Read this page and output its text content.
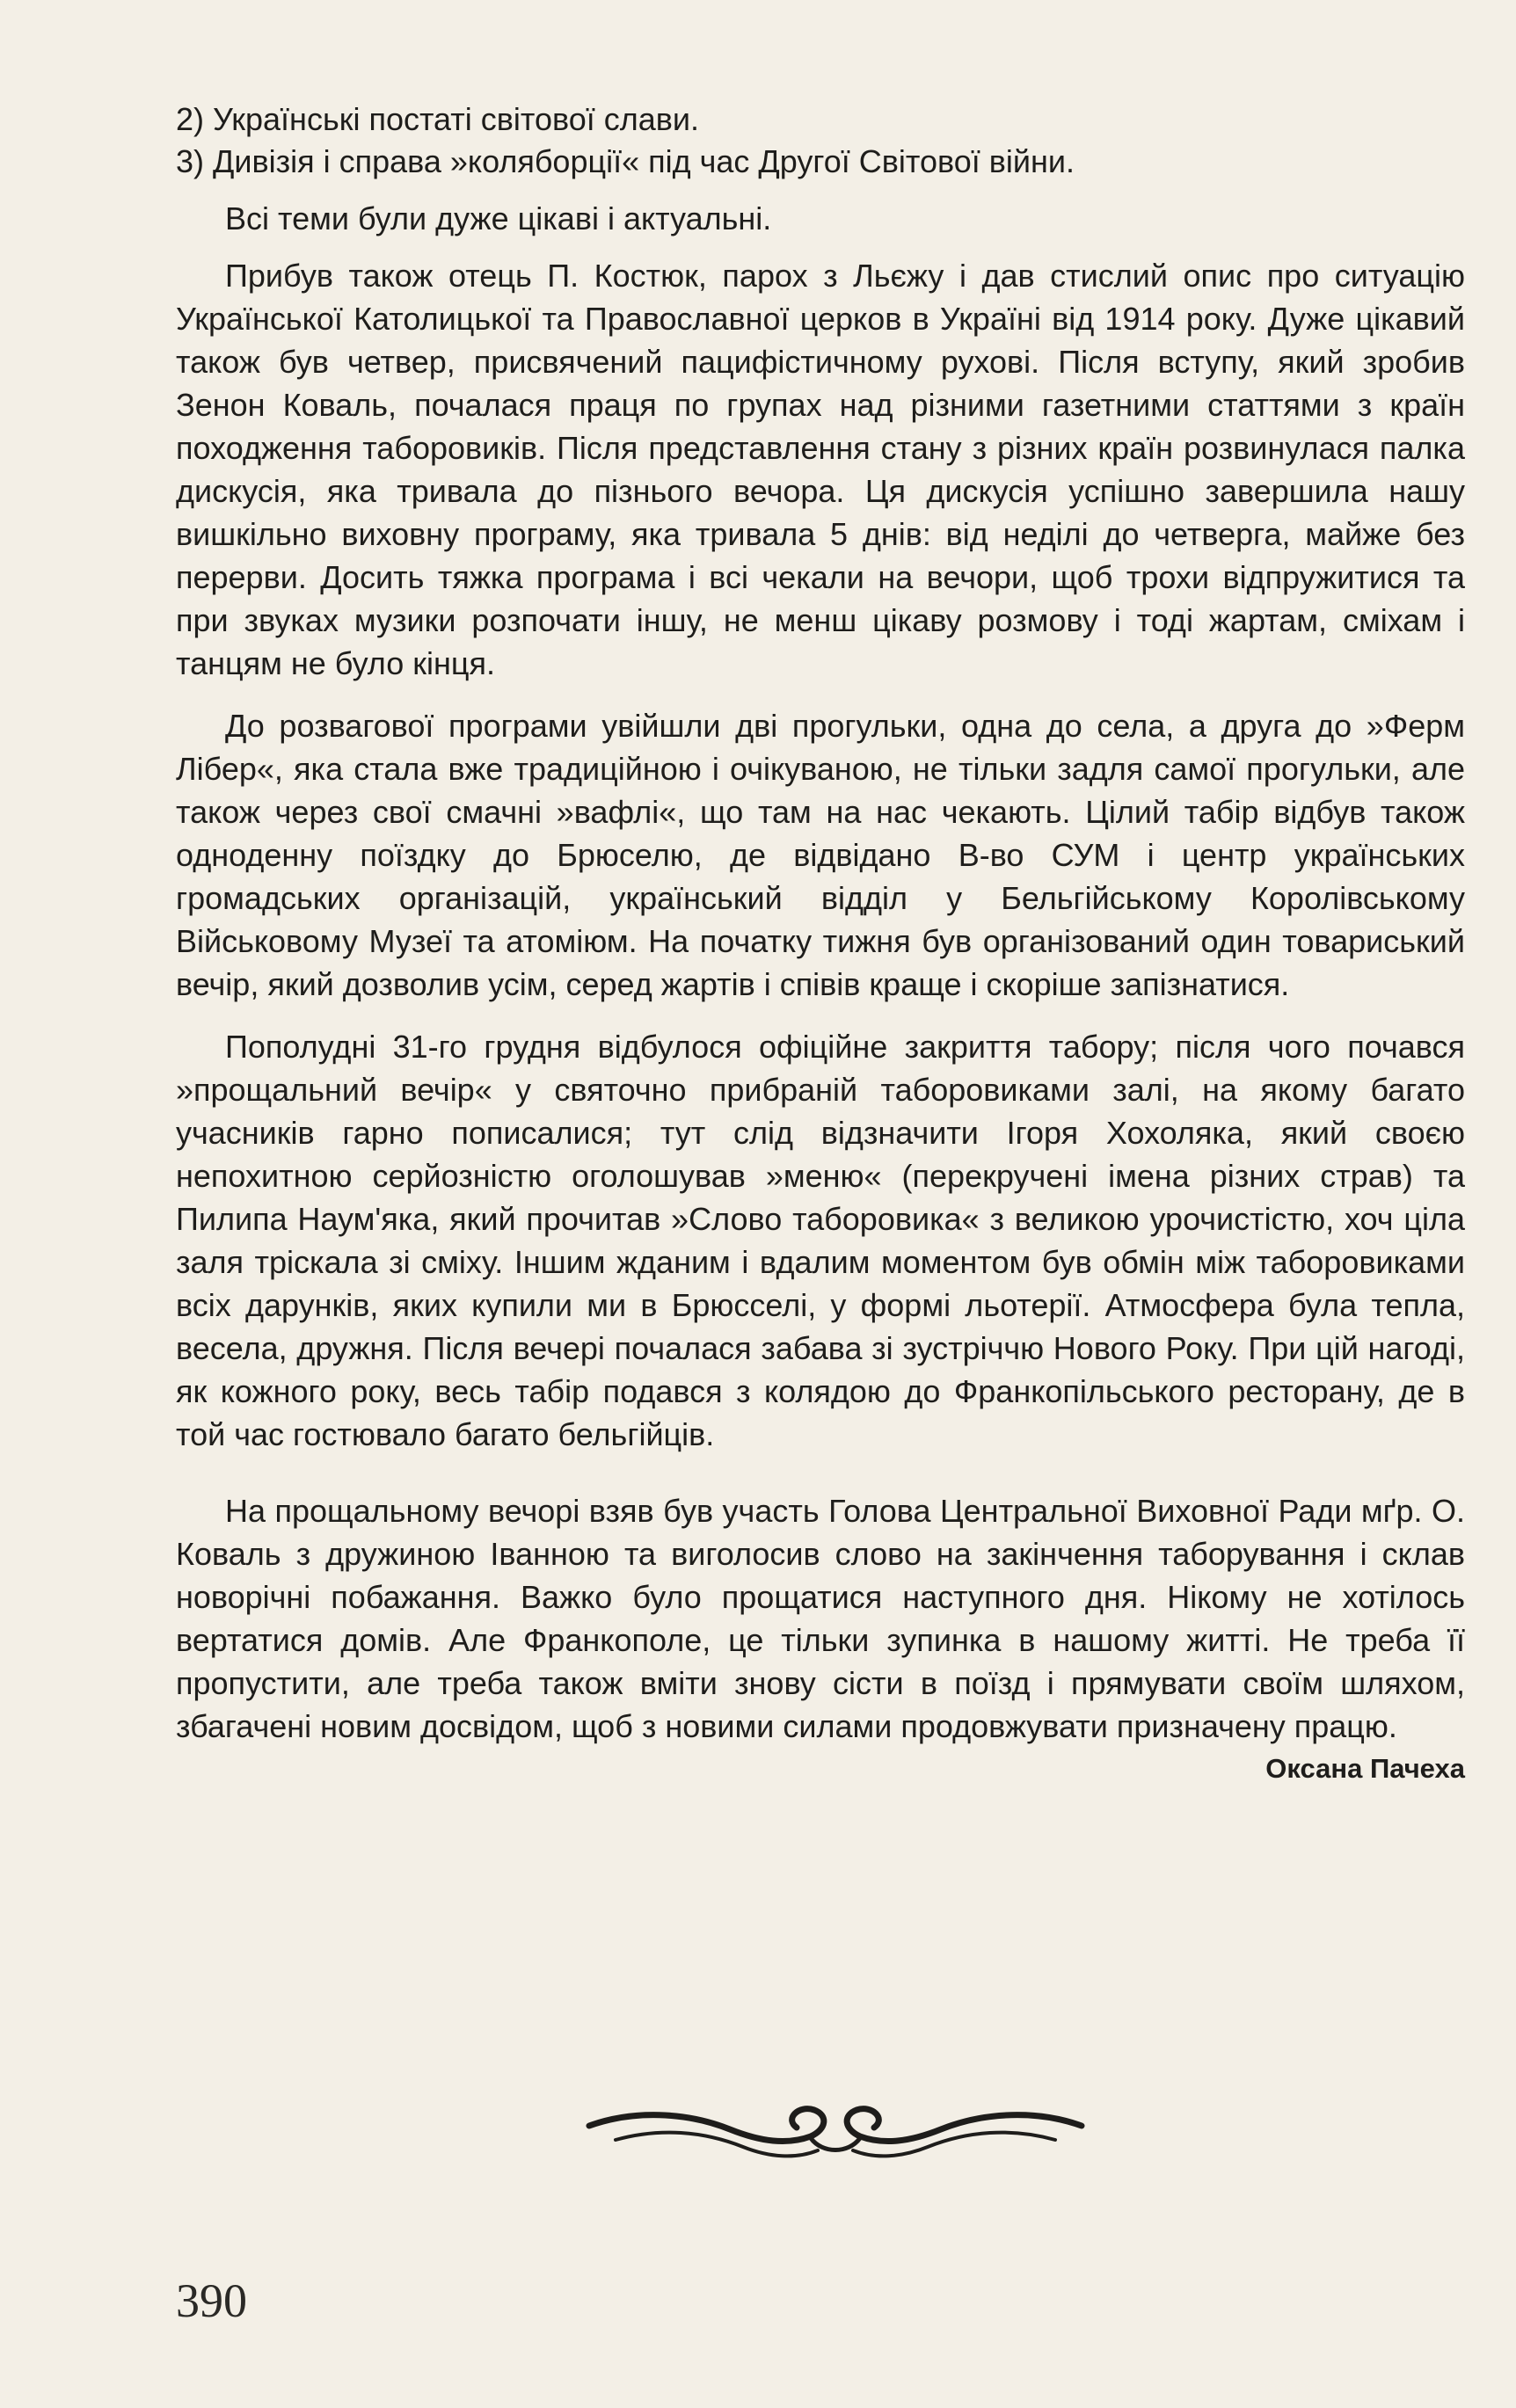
2) Українські постаті світової слави.
3) Дивізія і справа »коляборції« під час Другої Світової війни.

Всі теми були дуже цікаві і актуальні.

Прибув також отець П. Костюк, парох з Льєжу і дав стислий опис про ситуацію Української Католицької та Православної церков в Україні від 1914 року. Дуже цікавий також був четвер, присвячений пацифістичному рухові. Після вступу, який зробив Зенон Коваль, почалася праця по групах над різними газетними статтями з країн походження таборовиків. Після представлення стану з різних країн розвинулася палка дискусія, яка тривала до пізнього вечора. Ця дискусія успішно завершила нашу вишкільно виховну програму, яка тривала 5 днів: від неділі до четверга, майже без перерви. Досить тяжка програма і всі чекали на вечори, щоб трохи відпружитися та при звуках музики розпочати іншу, не менш цікаву розмову і тоді жартам, сміхам і танцям не було кінця.

До розвагової програми увійшли дві прогульки, одна до села, а друга до »Ферм Лібер«, яка стала вже традиційною і очікуваною, не тільки задля самої прогульки, але також через свої смачні »вафлі«, що там на нас чекають. Цілий табір відбув також одноденну поїздку до Брюселю, де відвідано В-во СУМ і центр українських громадських організацій, український відділ у Бельгійському Королівському Військовому Музеї та атоміюм. На початку тижня був організований один товариський вечір, який дозволив усім, серед жартів і співів краще і скоріше запізнатися.

Пополудні 31-го грудня відбулося офіційне закриття табору; після чого почався »прощальний вечір« у святочно прибраній таборовиками залі, на якому багато учасників гарно пописалися; тут слід відзначити Ігоря Хохоляка, який своєю непохитною серйозністю оголошував »меню« (перекручені імена різних страв) та Пилипа Наум'яка, який прочитав »Слово таборовика« з великою урочистістю, хоч ціла заля тріскала зі сміху. Іншим жданим і вдалим моментом був обмін між таборовиками всіх дарунків, яких купили ми в Брюсселі, у формі льотерії. Атмосфера була тепла, весела, дружня. Після вечері почалася забава зі зустріччю Нового Року. При цій нагоді, як кожного року, весь табір подався з колядою до Франкопільського ресторану, де в той час гостювало багато бельгійців.

На прощальному вечорі взяв був участь Голова Центральної Виховної Ради мґр. О. Коваль з дружиною Іванною та виголосив слово на закінчення таборування і склав новорічні побажання. Важко було прощатися наступного дня. Нікому не хотілось вертатися домів. Але Франкополе, це тільки зупинка в нашому житті. Не треба її пропустити, але треба також вміти знову сісти в поїзд і прямувати своїм шляхом, збагачені новим досвідом, щоб з новими силами продовжувати призначену працю.

Оксана Пачеха
390
